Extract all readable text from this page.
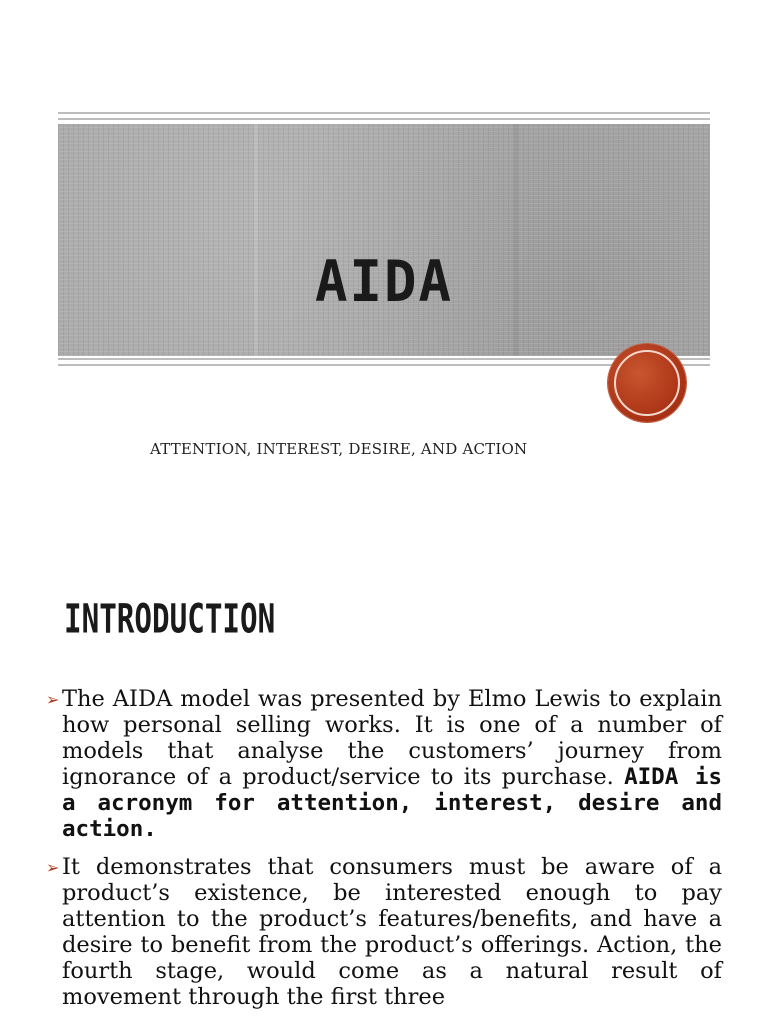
AIDA
ATTENTION, INTEREST, DESIRE, AND ACTION
INTRODUCTION
➢ The AIDA model was presented by Elmo Lewis to explain how personal selling works. It is one of a number of models that analyse the customers’ journey from ignorance of a product/service to its purchase. AIDA is a acronym for attention, interest, desire and action.
➢ It demonstrates that consumers must be aware of a product’s existence, be interested enough to pay attention to the product’s features/benefits, and have a desire to benefit from the product’s offerings. Action, the fourth stage, would come as a natural result of movement through the first three
